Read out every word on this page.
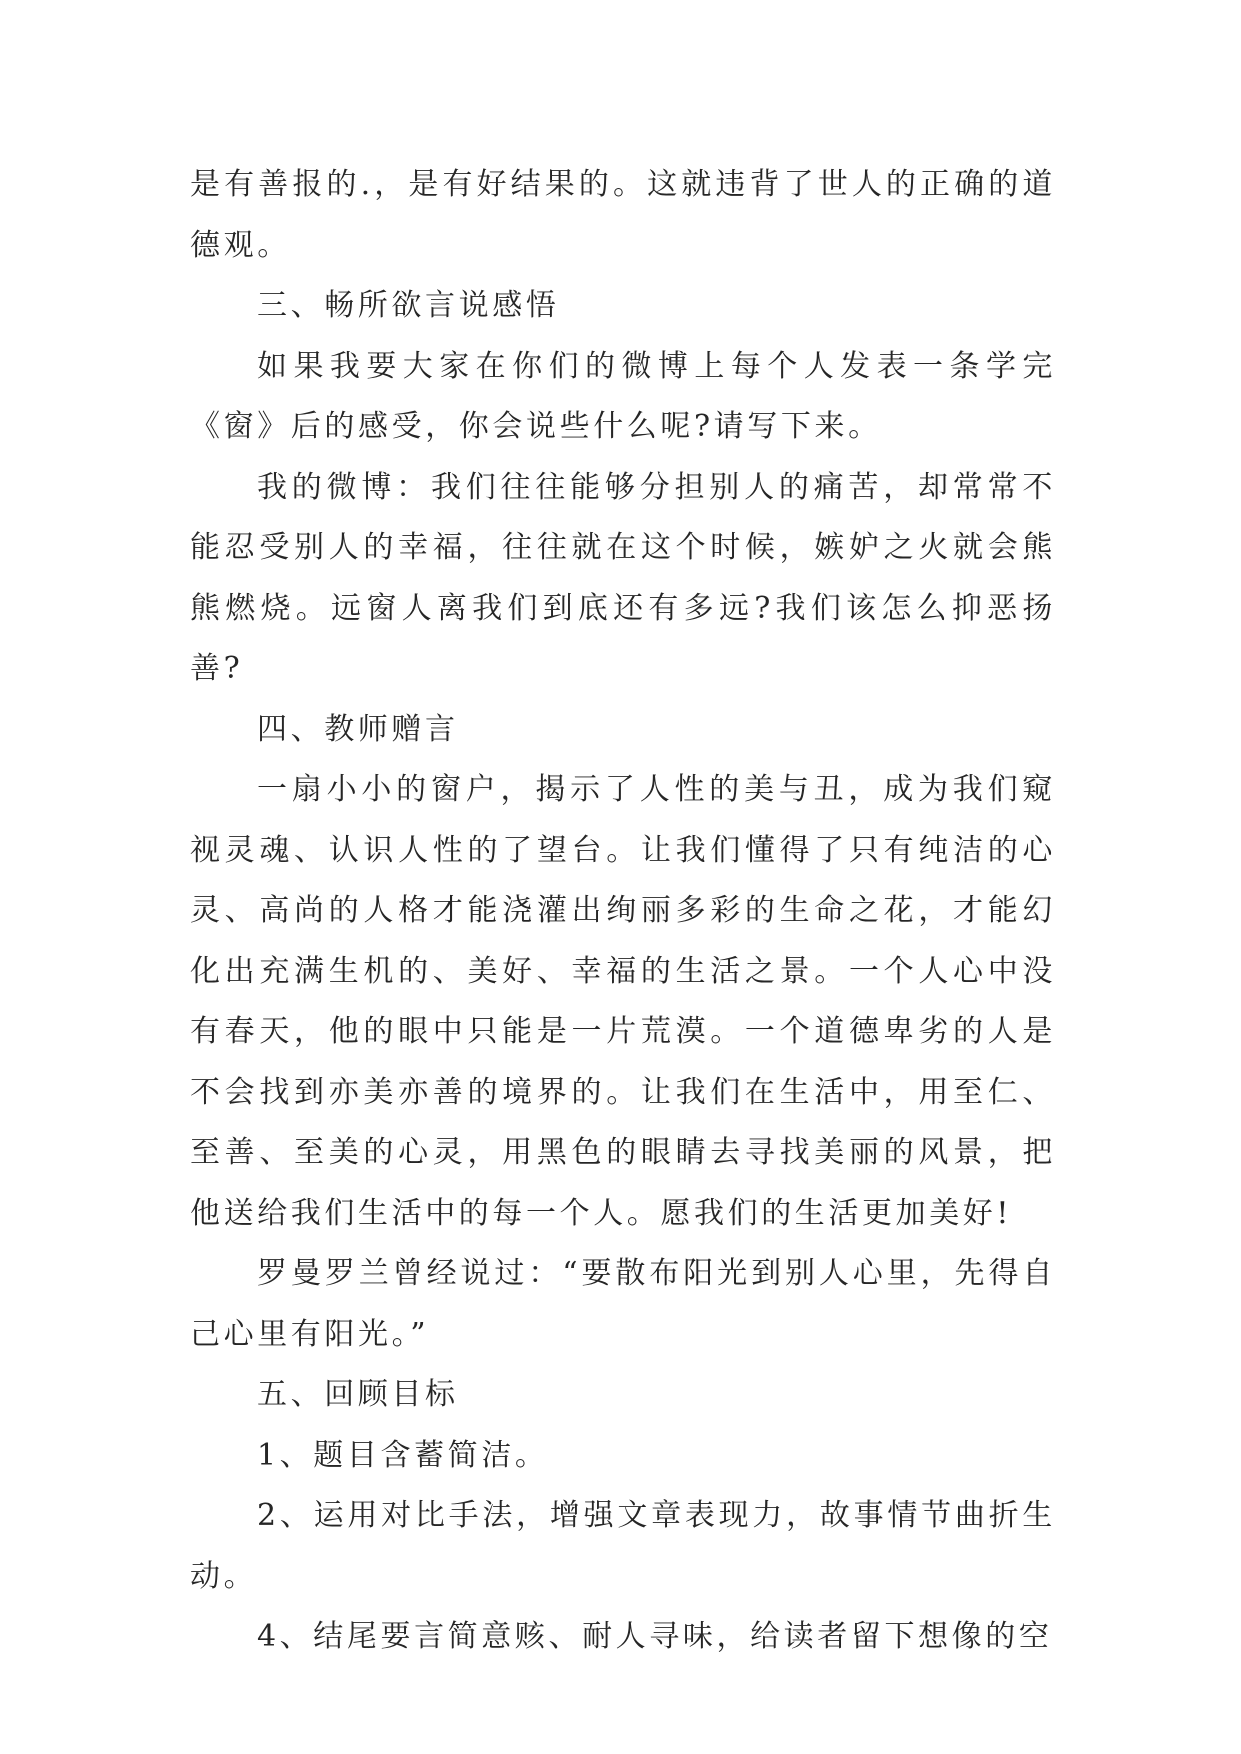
是有善报的.，是有好结果的。这就违背了世人的正确的道德观。

三、畅所欲言说感悟

如果我要大家在你们的微博上每个人发表一条学完《窗》后的感受，你会说些什么呢?请写下来。

我的微博：我们往往能够分担别人的痛苦，却常常不能忍受别人的幸福，往往就在这个时候，嫉妒之火就会熊熊燃烧。远窗人离我们到底还有多远?我们该怎么抑恶扬善?

四、教师赠言

一扇小小的窗户，揭示了人性的美与丑，成为我们窥视灵魂、认识人性的了望台。让我们懂得了只有纯洁的心灵、高尚的人格才能浇灌出绚丽多彩的生命之花，才能幻化出充满生机的、美好、幸福的生活之景。一个人心中没有春天，他的眼中只能是一片荒漠。一个道德卑劣的人是不会找到亦美亦善的境界的。让我们在生活中，用至仁、至善、至美的心灵，用黑色的眼睛去寻找美丽的风景，把他送给我们生活中的每一个人。愿我们的生活更加美好!

罗曼罗兰曾经说过：“要散布阳光到别人心里，先得自己心里有阳光。”

五、回顾目标

1、题目含蓄简洁。

2、运用对比手法，增强文章表现力，故事情节曲折生动。

4、结尾要言简意赅、耐人寻味，给读者留下想像的空
